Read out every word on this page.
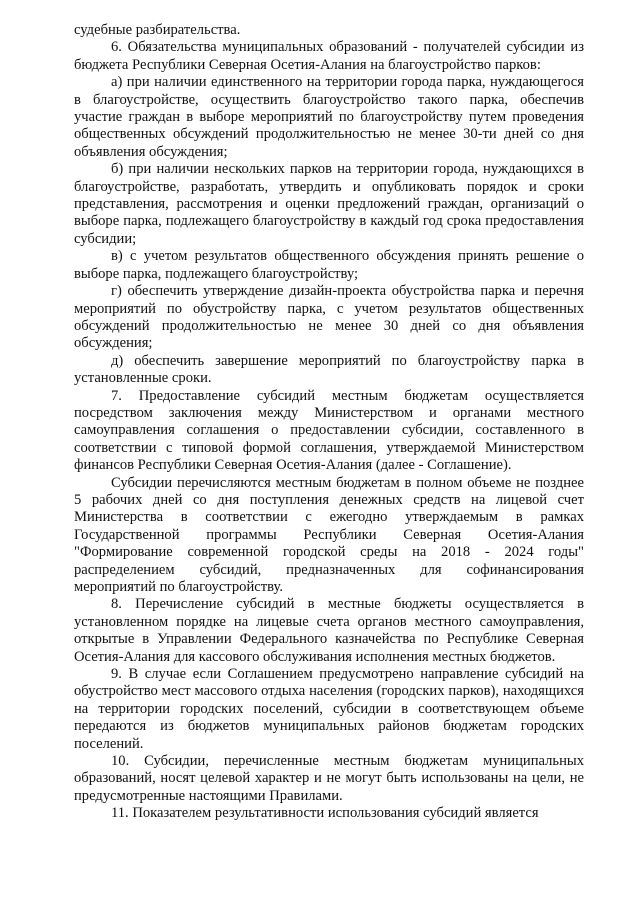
судебные разбирательства.

6. Обязательства муниципальных образований - получателей субсидии из бюджета Республики Северная Осетия-Алания на благоустройство парков:

а) при наличии единственного на территории города парка, нуждающегося в благоустройстве, осуществить благоустройство такого парка, обеспечив участие граждан в выборе мероприятий по благоустройству путем проведения общественных обсуждений продолжительностью не менее 30-ти дней со дня объявления обсуждения;

б) при наличии нескольких парков на территории города, нуждающихся в благоустройстве, разработать, утвердить и опубликовать порядок и сроки представления, рассмотрения и оценки предложений граждан, организаций о выборе парка, подлежащего благоустройству в каждый год срока предоставления субсидии;

в) с учетом результатов общественного обсуждения принять решение о выборе парка, подлежащего благоустройству;

г) обеспечить утверждение дизайн-проекта обустройства парка и перечня мероприятий по обустройству парка, с учетом результатов общественных обсуждений продолжительностью не менее 30 дней со дня объявления обсуждения;

д) обеспечить завершение мероприятий по благоустройству парка в установленные сроки.

7. Предоставление субсидий местным бюджетам осуществляется посредством заключения между Министерством и органами местного самоуправления соглашения о предоставлении субсидии, составленного в соответствии с типовой формой соглашения, утверждаемой Министерством финансов Республики Северная Осетия-Алания (далее - Соглашение).

Субсидии перечисляются местным бюджетам в полном объеме не позднее 5 рабочих дней со дня поступления денежных средств на лицевой счет Министерства в соответствии с ежегодно утверждаемым в рамках Государственной программы Республики Северная Осетия-Алания "Формирование современной городской среды на 2018 - 2024 годы" распределением субсидий, предназначенных для софинансирования мероприятий по благоустройству.

8. Перечисление субсидий в местные бюджеты осуществляется в установленном порядке на лицевые счета органов местного самоуправления, открытые в Управлении Федерального казначейства по Республике Северная Осетия-Алания для кассового обслуживания исполнения местных бюджетов.

9. В случае если Соглашением предусмотрено направление субсидий на обустройство мест массового отдыха населения (городских парков), находящихся на территории городских поселений, субсидии в соответствующем объеме передаются из бюджетов муниципальных районов бюджетам городских поселений.

10. Субсидии, перечисленные местным бюджетам муниципальных образований, носят целевой характер и не могут быть использованы на цели, не предусмотренные настоящими Правилами.

11. Показателем результативности использования субсидий является
